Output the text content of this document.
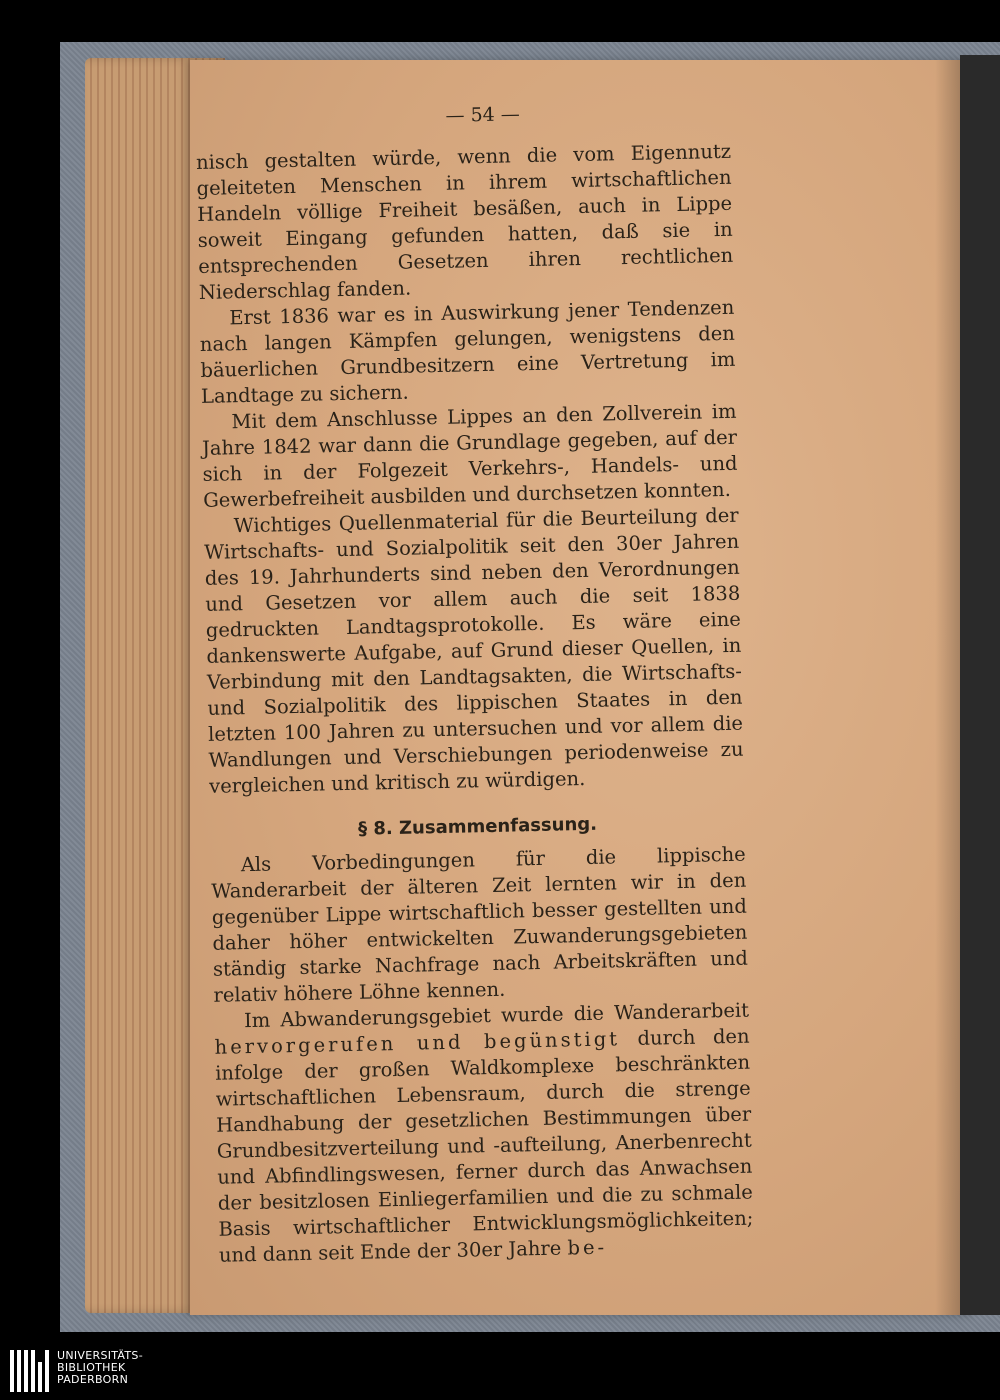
— 54 —

nisch gestalten würde, wenn die vom Eigennutz geleiteten Menschen in ihrem wirtschaftlichen Handeln völlige Freiheit besäßen, auch in Lippe soweit Eingang gefunden hatten, daß sie in entsprechenden Gesetzen ihren rechtlichen Niederschlag fanden.

Erst 1836 war es in Auswirkung jener Tendenzen nach langen Kämpfen gelungen, wenigstens den bäuerlichen Grundbesitzern eine Vertretung im Landtage zu sichern.

Mit dem Anschlusse Lippes an den Zollverein im Jahre 1842 war dann die Grundlage gegeben, auf der sich in der Folgezeit Verkehrs-, Handels- und Gewerbefreiheit ausbilden und durchsetzen konnten.

Wichtiges Quellenmaterial für die Beurteilung der Wirtschafts- und Sozialpolitik seit den 30er Jahren des 19. Jahrhunderts sind neben den Verordnungen und Gesetzen vor allem auch die seit 1838 gedruckten Landtagsprotokolle. Es wäre eine dankenswerte Aufgabe, auf Grund dieser Quellen, in Verbindung mit den Landtagsakten, die Wirtschafts- und Sozialpolitik des lippischen Staates in den letzten 100 Jahren zu untersuchen und vor allem die Wandlungen und Verschiebungen periodenweise zu vergleichen und kritisch zu würdigen.

§ 8. Zusammenfassung.

Als Vorbedingungen für die lippische Wanderarbeit der älteren Zeit lernten wir in den gegenüber Lippe wirtschaftlich besser gestellten und daher höher entwickelten Zuwanderungsgebieten ständig starke Nachfrage nach Arbeitskräften und relativ höhere Löhne kennen.

Im Abwanderungsgebiet wurde die Wanderarbeit hervorgerufen und begünstigt durch den infolge der großen Waldkomplexe beschränkten wirtschaftlichen Lebensraum, durch die strenge Handhabung der gesetzlichen Bestimmungen über Grundbesitzverteilung und -aufteilung, Anerbenrecht und Abfindlingswesen, ferner durch das Anwachsen der besitzlosen Einliegerfamilien und die zu schmale Basis wirtschaftlicher Entwicklungsmöglichkeiten; und dann seit Ende der 30er Jahre be-

UNIVERSITÄTS-
BIBLIOTHEK
PADERBORN
